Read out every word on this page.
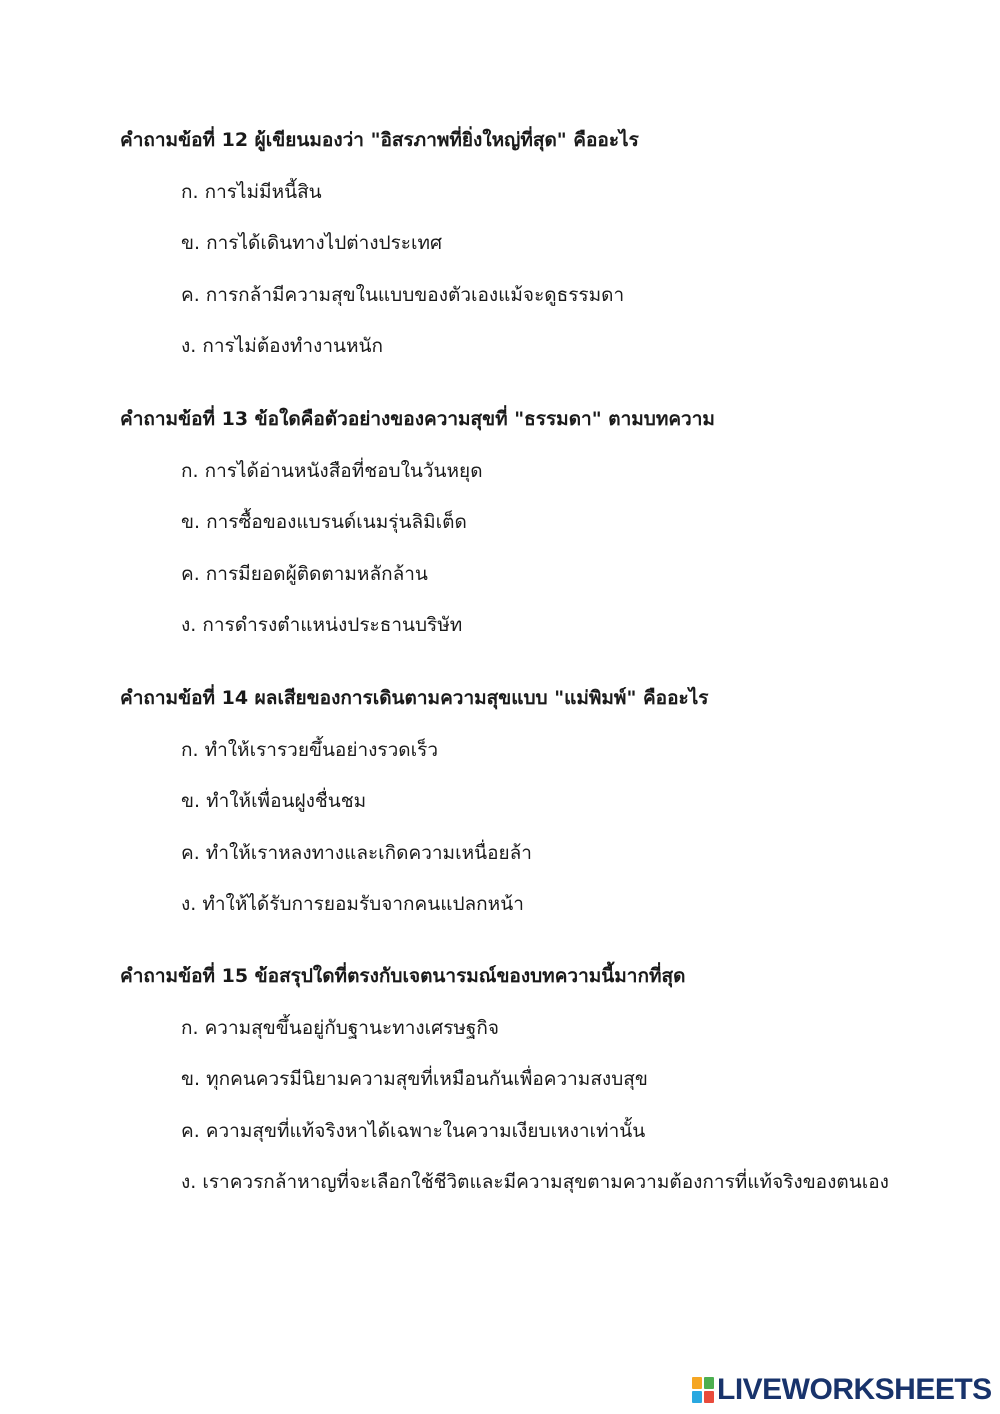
คำถามข้อที่ 12 ผู้เขียนมองว่า "อิสรภาพที่ยิ่งใหญ่ที่สุด" คืออะไร
ก. การไม่มีหนี้สิน
ข. การได้เดินทางไปต่างประเทศ
ค. การกล้ามีความสุขในแบบของตัวเองแม้จะดูธรรมดา
ง. การไม่ต้องทำงานหนัก
คำถามข้อที่ 13 ข้อใดคือตัวอย่างของความสุขที่ "ธรรมดา" ตามบทความ
ก. การได้อ่านหนังสือที่ชอบในวันหยุด
ข. การซื้อของแบรนด์เนมรุ่นลิมิเต็ด
ค. การมียอดผู้ติดตามหลักล้าน
ง. การดำรงตำแหน่งประธานบริษัท
คำถามข้อที่ 14 ผลเสียของการเดินตามความสุขแบบ "แม่พิมพ์" คืออะไร
ก. ทำให้เรารวยขึ้นอย่างรวดเร็ว
ข. ทำให้เพื่อนฝูงชื่นชม
ค. ทำให้เราหลงทางและเกิดความเหนื่อยล้า
ง. ทำให้ได้รับการยอมรับจากคนแปลกหน้า
คำถามข้อที่ 15 ข้อสรุปใดที่ตรงกับเจตนารมณ์ของบทความนี้มากที่สุด
ก. ความสุขขึ้นอยู่กับฐานะทางเศรษฐกิจ
ข. ทุกคนควรมีนิยามความสุขที่เหมือนกันเพื่อความสงบสุข
ค. ความสุขที่แท้จริงหาได้เฉพาะในความเงียบเหงาเท่านั้น
ง. เราควรกล้าหาญที่จะเลือกใช้ชีวิตและมีความสุขตามความต้องการที่แท้จริงของตนเอง
LIVEWORKSHEETS
